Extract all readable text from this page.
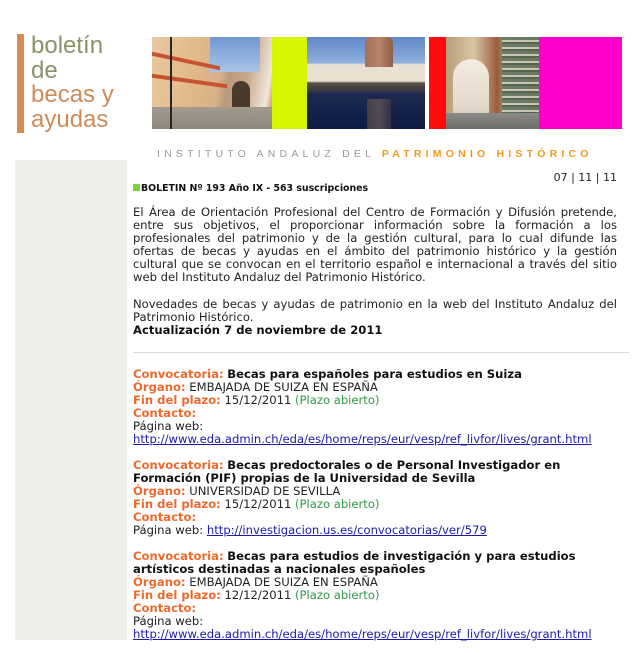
boletín
de
becas y
ayudas
INSTITUTO ANDALUZ DEL PATRIMONIO HISTÓRICO
07 | 11 | 11
BOLETIN Nº 193 Año IX - 563 suscripciones
El Área de Orientación Profesional del Centro de Formación y Difusión pretende, entre sus objetivos, el proporcionar información sobre la formación a los profesionales del patrimonio y de la gestión cultural, para lo cual difunde las ofertas de becas y ayudas en el ámbito del patrimonio histórico y la gestión cultural que se convocan en el territorio español e internacional a través del sitio web del Instituto Andaluz del Patrimonio Histórico.
Novedades de becas y ayudas de patrimonio en la web del Instituto Andaluz del Patrimonio Histórico.
Actualización 7 de noviembre de 2011
Convocatoria: Becas para españoles para estudios en Suiza
Órgano: EMBAJADA DE SUIZA EN ESPAÑA
Fin del plazo: 15/12/2011 (Plazo abierto)
Contacto:
Página web:
http://www.eda.admin.ch/eda/es/home/reps/eur/vesp/ref_livfor/lives/grant.html
Convocatoria: Becas predoctorales o de Personal Investigador en Formación (PIF) propias de la Universidad de Sevilla
Órgano: UNIVERSIDAD DE SEVILLA
Fin del plazo: 15/12/2011 (Plazo abierto)
Contacto:
Página web: http://investigacion.us.es/convocatorias/ver/579
Convocatoria: Becas para estudios de investigación y para estudios artísticos destinadas a nacionales españoles
Órgano: EMBAJADA DE SUIZA EN ESPAÑA
Fin del plazo: 12/12/2011 (Plazo abierto)
Contacto:
Página web:
http://www.eda.admin.ch/eda/es/home/reps/eur/vesp/ref_livfor/lives/grant.html
